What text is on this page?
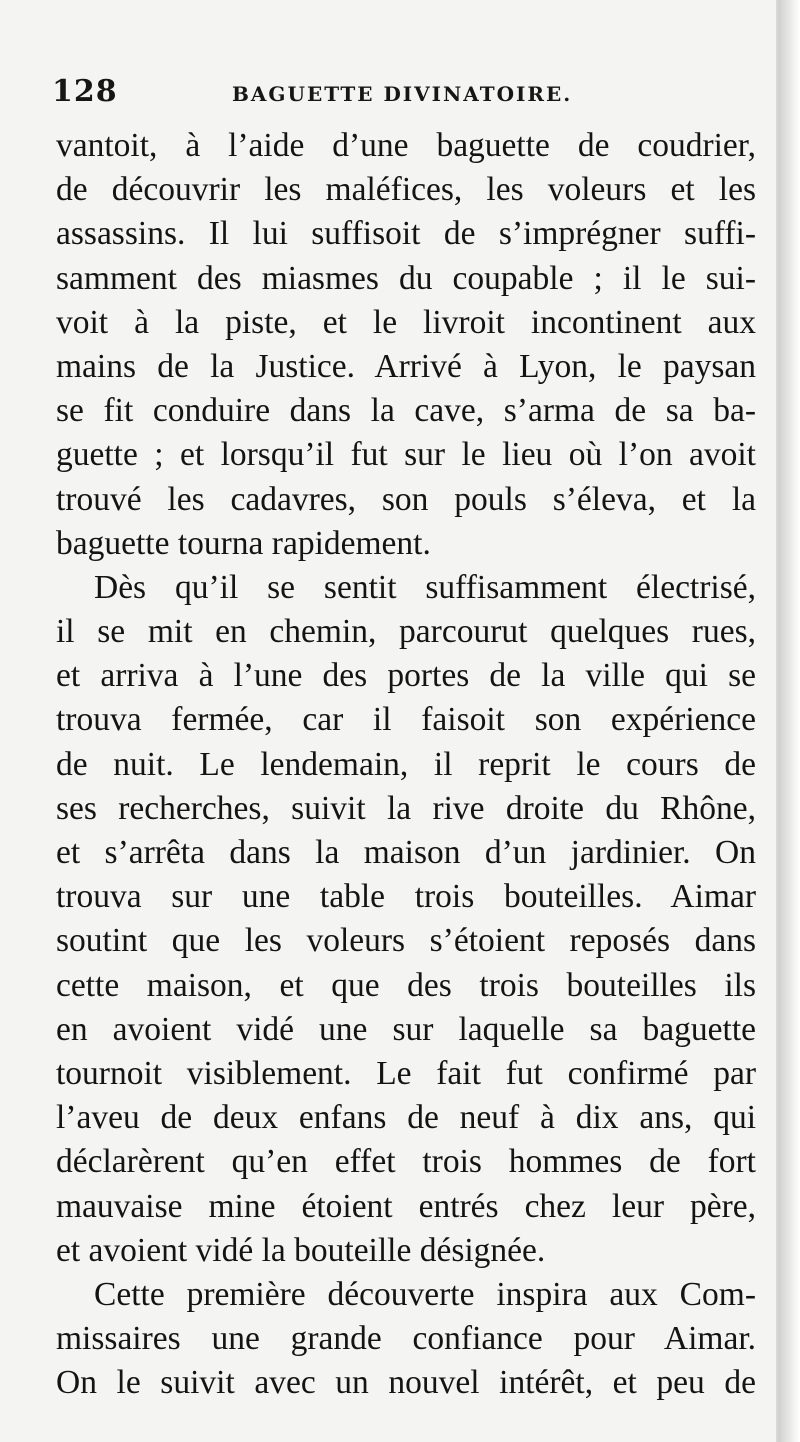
128	BAGUETTE DIVINATOIRE.
vantoit, à l’aide d’une baguette de coudrier,
de découvrir les maléfices, les voleurs et les
assassins. Il lui suffisoit de s’imprégner suffi-
samment des miasmes du coupable ; il le sui-
voit à la piste, et le livroit incontinent aux
mains de la Justice. Arrivé à Lyon, le paysan
se fit conduire dans la cave, s’arma de sa ba-
guette ; et lorsqu’il fut sur le lieu où l’on avoit
trouvé les cadavres, son pouls s’éleva, et la
baguette tourna rapidement.
Dès qu’il se sentit suffisamment électrisé,
il se mit en chemin, parcourut quelques rues,
et arriva à l’une des portes de la ville qui se
trouva fermée, car il faisoit son expérience
de nuit. Le lendemain, il reprit le cours de
ses recherches, suivit la rive droite du Rhône,
et s’arrêta dans la maison d’un jardinier. On
trouva sur une table trois bouteilles. Aimar
soutint que les voleurs s’étoient reposés dans
cette maison, et que des trois bouteilles ils
en avoient vidé une sur laquelle sa baguette
tournoit visiblement. Le fait fut confirmé par
l’aveu de deux enfans de neuf à dix ans, qui
déclarèrent qu’en effet trois hommes de fort
mauvaise mine étoient entrés chez leur père,
et avoient vidé la bouteille désignée.
Cette première découverte inspira aux Com-
missaires une grande confiance pour Aimar.
On le suivit avec un nouvel intérêt, et peu de
